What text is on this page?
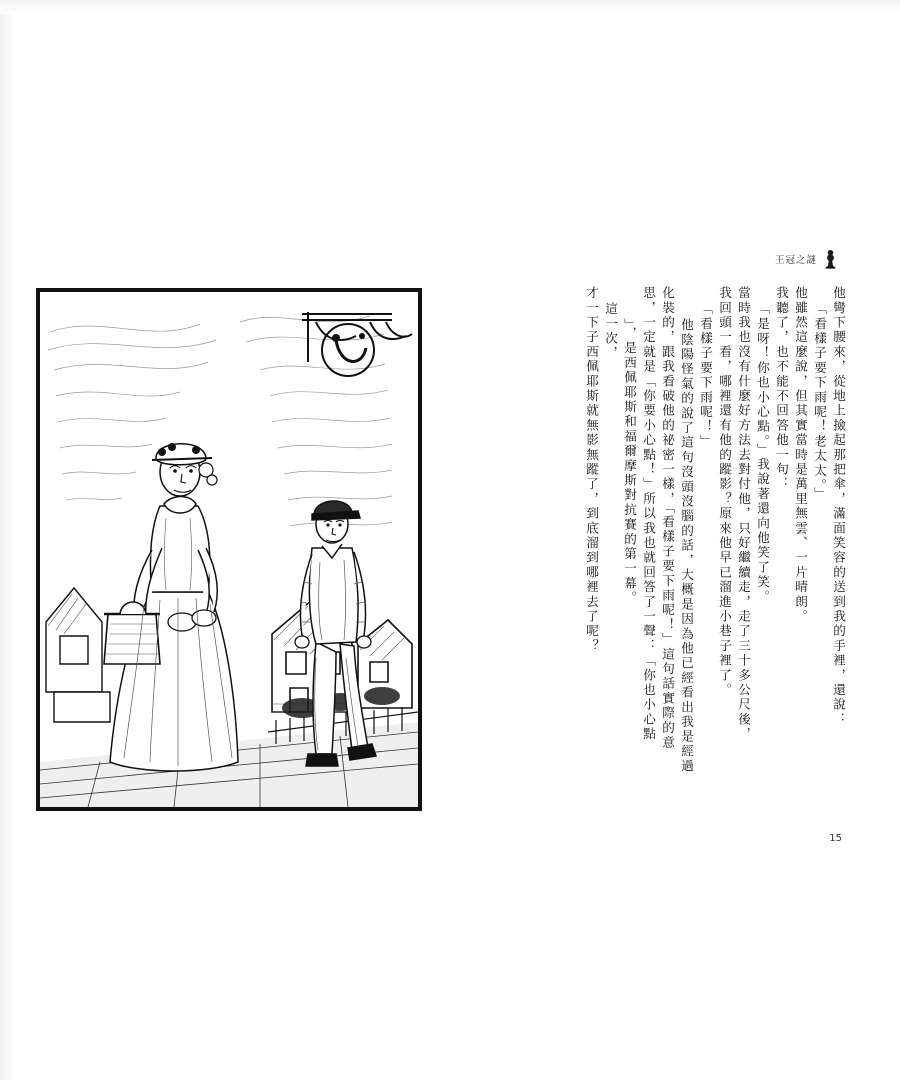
王冠之謎
他彎下腰來，從地上撿起那把傘，滿面笑容的送到我的手裡，還說：
「看樣子要下雨呢！老太太。」
他雖然這麼說，但其實當時是萬里無雲、一片晴朗。
我聽了，也不能不回答他一句：
「是呀！你也小心點。」我說著還向他笑了笑。
當時我也沒有什麼好方法去對付他，只好繼續走，走了三十多公尺後，
我回頭一看，哪裡還有他的蹤影？原來他早已溜進小巷子裡了。
「看樣子要下雨呢！」
他陰陽怪氣的說了這句沒頭沒腦的話，大概是因為他已經看出我是經過
化裝的，跟我看破他的祕密一樣，「看樣子要下雨呢！」這句話實際的意
思，一定就是「你要小心點！」所以我也就回答了一聲：「你也小心點
」，是西佩耶斯和福爾摩斯對抗賽的第一幕。
這一次，
才一下子西佩耶斯就無影無蹤了，到底溜到哪裡去了呢？
15
